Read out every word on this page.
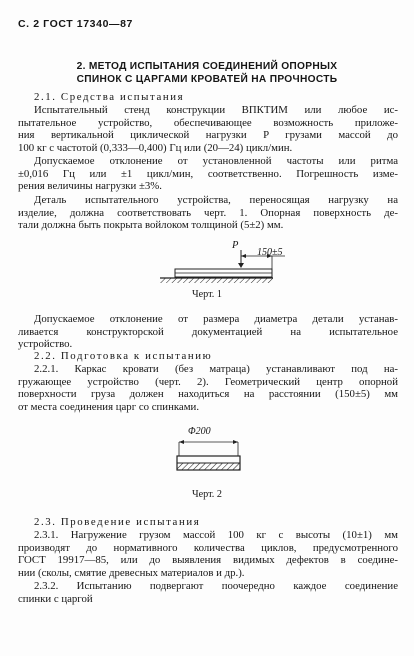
С. 2 ГОСТ 17340—87
2. МЕТОД ИСПЫТАНИЯ СОЕДИНЕНИЙ ОПОРНЫХ
СПИНОК С ЦАРГАМИ КРОВАТЕЙ НА ПРОЧНОСТЬ
2.1. Средства испытания
Испытательный стенд конструкции ВПКТИМ или любое ис-
пытательное устройство, обеспечивающее возможность приложе-
ния вертикальной циклической нагрузки P грузами массой до
100 кг с частотой (0,333—0,400) Гц или (20—24) цикл/мин.
Допускаемое отклонение от установленной частоты или ритма
±0,016 Гц или ±1 цикл/мин, соответственно. Погрешность изме-
рения величины нагрузки ±3%.
Деталь испытательного устройства, переносящая нагрузку на
изделие, должна соответствовать черт. 1. Опорная поверхность де-
тали должна быть покрыта войлоком толщиной (5±2) мм.
P
150±5
Черт. 1
Допускаемое отклонение от размера диаметра детали устанав-
ливается конструкторской документацией на испытательное
устройство.
2.2. Подготовка к испытанию
2.2.1. Каркас кровати (без матраца) устанавливают под на-
гружающее устройство (черт. 2). Геометрический центр опорной
поверхности груза должен находиться на расстоянии (150±5) мм
от места соединения царг со спинками.
Φ200
Черт. 2
2.3. Проведение испытания
2.3.1. Нагружение грузом массой 100 кг с высоты (10±1) мм
производят до нормативного количества циклов, предусмотренного
ГОСТ 19917—85, или до выявления видимых дефектов в соедине-
нии (сколы, смятие древесных материалов и др.).
2.3.2. Испытанию подвергают поочередно каждое соединение
спинки с царгой
